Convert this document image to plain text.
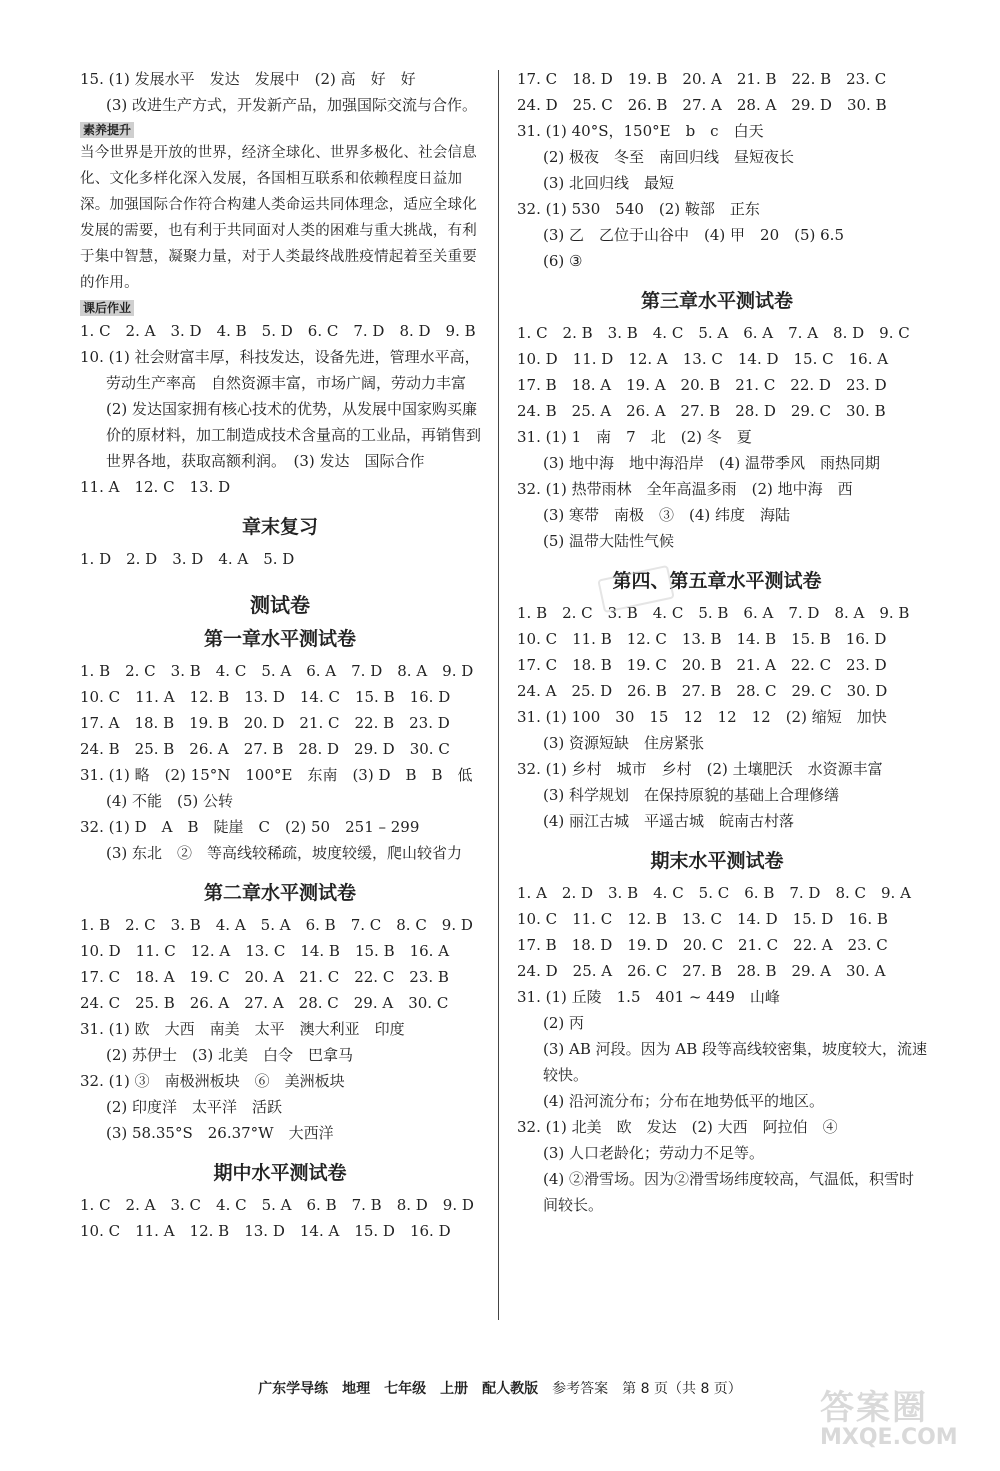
15. (1) 发展水平　发达　发展中　(2) 高　好　好
(3) 改进生产方式，开发新产品，加强国际交流与合作。
素养提升
当今世界是开放的世界，经济全球化、世界多极化、社会信息化、文化多样化深入发展，各国相互联系和依赖程度日益加深。加强国际合作符合构建人类命运共同体理念，适应全球化发展的需要，也有利于共同面对人类的困难与重大挑战，有利于集中智慧，凝聚力量，对于人类最终战胜疫情起着至关重要的作用。
课后作业
1. C　2. A　3. D　4. B　5. D　6. C　7. D　8. D　9. B
10. (1) 社会财富丰厚，科技发达，设备先进，管理水平高，
劳动生产率高　自然资源丰富，市场广阔，劳动力丰富
(2) 发达国家拥有核心技术的优势，从发展中国家购买廉
价的原材料，加工制造成技术含量高的工业品，再销售到
世界各地，获取高额利润。　(3) 发达　国际合作
11. A　12. C　13. D
章末复习
1. D　2. D　3. D　4. A　5. D
测试卷
第一章水平测试卷
1. B　2. C　3. B　4. C　5. A　6. A　7. D　8. A　9. D
10. C　11. A　12. B　13. D　14. C　15. B　16. D
17. A　18. B　19. B　20. D　21. C　22. B　23. D
24. B　25. B　26. A　27. B　28. D　29. D　30. C
31. (1) 略　(2) 15°N　100°E　东南　(3) D　B　B　低
(4) 不能　(5) 公转
32. (1) D　A　B　陡崖　C　(2) 50　251 – 299
(3) 东北　②　等高线较稀疏，坡度较缓，爬山较省力
第二章水平测试卷
1. B　2. C　3. B　4. A　5. A　6. B　7. C　8. C　9. D
10. D　11. C　12. A　13. C　14. B　15. B　16. A
17. C　18. A　19. C　20. A　21. C　22. C　23. B
24. C　25. B　26. A　27. A　28. C　29. A　30. C
31. (1) 欧　大西　南美　太平　澳大利亚　印度
(2) 苏伊士　(3) 北美　白令　巴拿马
32. (1) ③　南极洲板块　⑥　美洲板块
(2) 印度洋　太平洋　活跃
(3) 58.35°S　26.37°W　大西洋
期中水平测试卷
1. C　2. A　3. C　4. C　5. A　6. B　7. B　8. D　9. D
10. C　11. A　12. B　13. D　14. A　15. D　16. D
17. C　18. D　19. B　20. A　21. B　22. B　23. C
24. D　25. C　26. B　27. A　28. A　29. D　30. B
31. (1) 40°S，150°E　b　c　白天
(2) 极夜　冬至　南回归线　昼短夜长
(3) 北回归线　最短
32. (1) 530　540　(2) 鞍部　正东
(3) 乙　乙位于山谷中　(4) 甲　20　(5) 6.5
(6) ③
第三章水平测试卷
1. C　2. B　3. B　4. C　5. A　6. A　7. A　8. D　9. C
10. D　11. D　12. A　13. C　14. D　15. C　16. A
17. B　18. A　19. A　20. B　21. C　22. D　23. D
24. B　25. A　26. A　27. B　28. D　29. C　30. B
31. (1) 1　南　7　北　(2) 冬　夏
(3) 地中海　地中海沿岸　(4) 温带季风　雨热同期
32. (1) 热带雨林　全年高温多雨　(2) 地中海　西
(3) 寒带　南极　③　(4) 纬度　海陆
(5) 温带大陆性气候
第四、第五章水平测试卷
1. B　2. C　3. B　4. C　5. B　6. A　7. D　8. A　9. B
10. C　11. B　12. C　13. B　14. B　15. B　16. D
17. C　18. B　19. C　20. B　21. A　22. C　23. D
24. A　25. D　26. B　27. B　28. C　29. C　30. D
31. (1) 100　30　15　12　12　12　(2) 缩短　加快
(3) 资源短缺　住房紧张
32. (1) 乡村　城市　乡村　(2) 土壤肥沃　水资源丰富
(3) 科学规划　在保持原貌的基础上合理修缮
(4) 丽江古城　平遥古城　皖南古村落
期末水平测试卷
1. A　2. D　3. B　4. C　5. C　6. B　7. D　8. C　9. A
10. C　11. C　12. B　13. C　14. D　15. D　16. B
17. B　18. D　19. D　20. C　21. C　22. A　23. C
24. D　25. A　26. C　27. B　28. B　29. A　30. A
31. (1) 丘陵　1.5　401 ~ 449　山峰
(2) 丙
(3) AB 河段。因为 AB 段等高线较密集，坡度较大，流速
较快。
(4) 沿河流分布；分布在地势低平的地区。
32. (1) 北美　欧　发达　(2) 大西　阿拉伯　④
(3) 人口老龄化；劳动力不足等。
(4) ②滑雪场。因为②滑雪场纬度较高，气温低，积雪时
间较长。
广东学导练　地理　七年级　上册　配人教版　参考答案　第 8 页（共 8 页）	答案圈
MXQE.COM
